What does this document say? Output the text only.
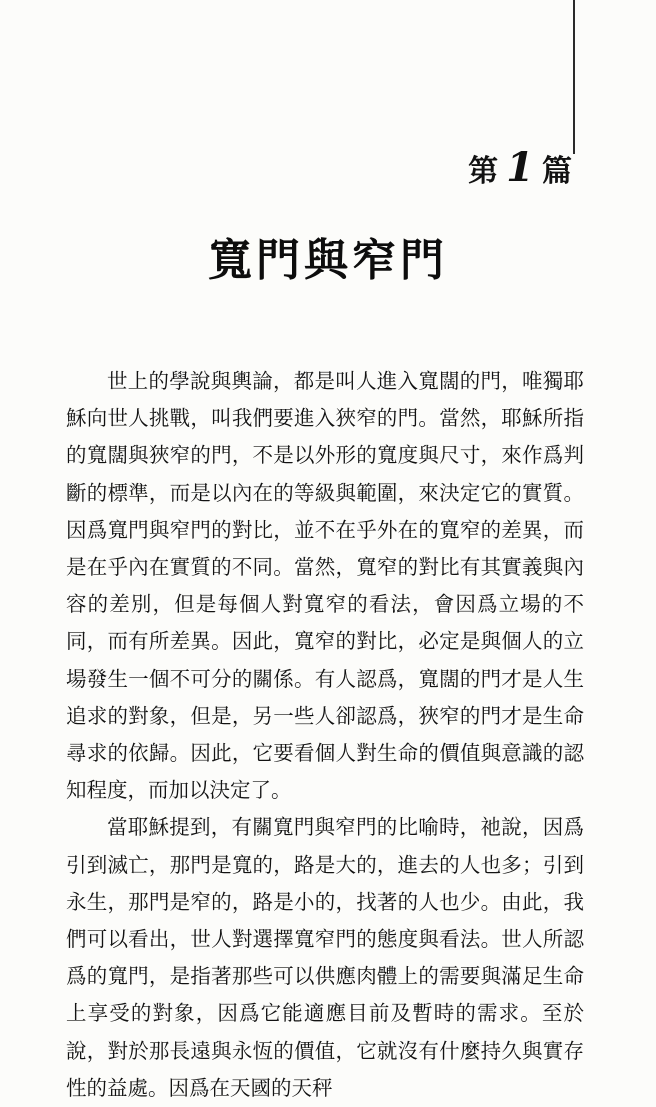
第 1 篇
寬門與窄門

世上的學說與輿論，都是叫人進入寬闊的門，唯獨耶穌向世人挑戰，叫我們要進入狹窄的門。當然，耶穌所指的寬闊與狹窄的門，不是以外形的寬度與尺寸，來作爲判斷的標準，而是以內在的等級與範圍，來決定它的實質。因爲寬門與窄門的對比，並不在乎外在的寬窄的差異，而是在乎內在實質的不同。當然，寬窄的對比有其實義與內容的差別，但是每個人對寬窄的看法，會因爲立場的不同，而有所差異。因此，寬窄的對比，必定是與個人的立場發生一個不可分的關係。有人認爲，寬闊的門才是人生追求的對象，但是，另一些人卻認爲，狹窄的門才是生命尋求的依歸。因此，它要看個人對生命的價值與意識的認知程度，而加以決定了。

當耶穌提到，有關寬門與窄門的比喻時，祂說，因爲引到滅亡，那門是寬的，路是大的，進去的人也多；引到永生，那門是窄的，路是小的，找著的人也少。由此，我們可以看出，世人對選擇寬窄門的態度與看法。世人所認爲的寬門，是指著那些可以供應肉體上的需要與滿足生命上享受的對象，因爲它能適應目前及暫時的需求。至於說，對於那長遠與永恆的價值，它就沒有什麼持久與實存性的益處。因爲在天國的天秤
